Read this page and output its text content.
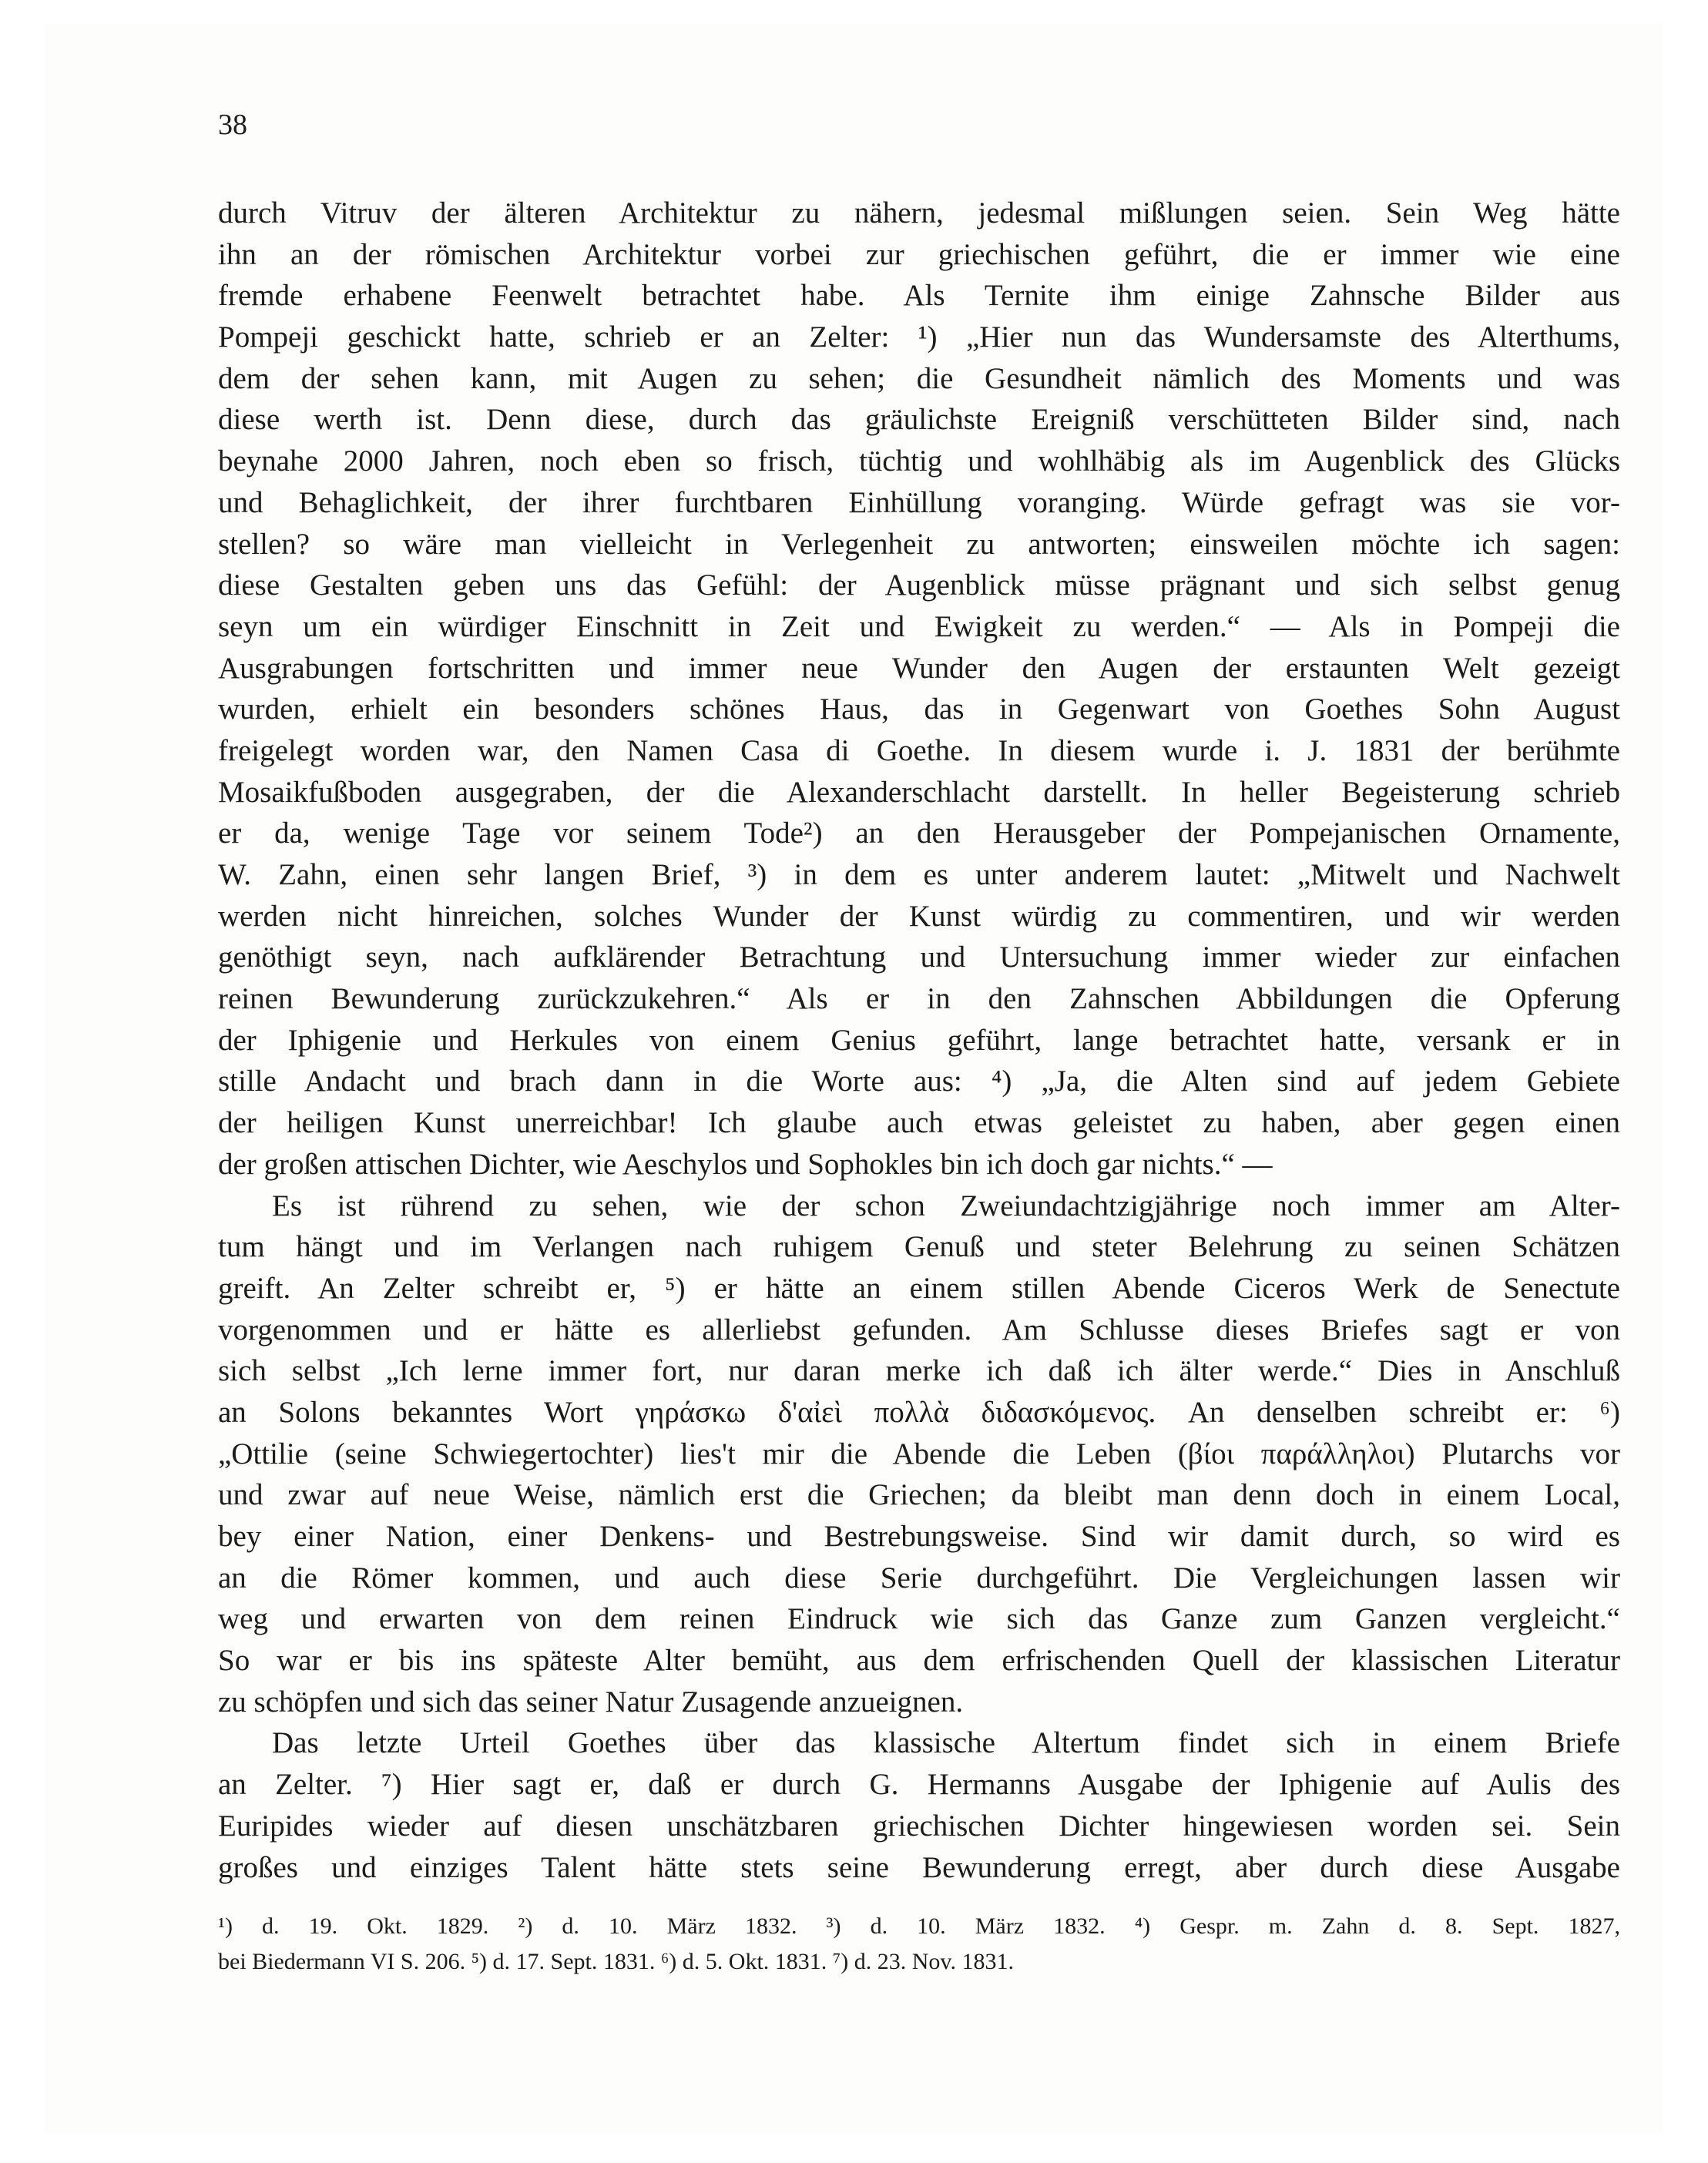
38
durch Vitruv der älteren Architektur zu nähern, jedesmal mißlungen seien. Sein Weg hätte
ihn an der römischen Architektur vorbei zur griechischen geführt, die er immer wie eine
fremde erhabene Feenwelt betrachtet habe. Als Ternite ihm einige Zahnsche Bilder aus
Pompeji geschickt hatte, schrieb er an Zelter: ¹) „Hier nun das Wundersamste des Alterthums,
dem der sehen kann, mit Augen zu sehen; die Gesundheit nämlich des Moments und was
diese werth ist. Denn diese, durch das gräulichste Ereigniß verschütteten Bilder sind, nach
beynahe 2000 Jahren, noch eben so frisch, tüchtig und wohlhäbig als im Augenblick des Glücks
und Behaglichkeit, der ihrer furchtbaren Einhüllung voranging. Würde gefragt was sie vor-
stellen? so wäre man vielleicht in Verlegenheit zu antworten; einsweilen möchte ich sagen:
diese Gestalten geben uns das Gefühl: der Augenblick müsse prägnant und sich selbst genug
seyn um ein würdiger Einschnitt in Zeit und Ewigkeit zu werden.“ — Als in Pompeji die
Ausgrabungen fortschritten und immer neue Wunder den Augen der erstaunten Welt gezeigt
wurden, erhielt ein besonders schönes Haus, das in Gegenwart von Goethes Sohn August
freigelegt worden war, den Namen Casa di Goethe. In diesem wurde i. J. 1831 der berühmte
Mosaikfußboden ausgegraben, der die Alexanderschlacht darstellt. In heller Begeisterung schrieb
er da, wenige Tage vor seinem Tode²) an den Herausgeber der Pompejanischen Ornamente,
W. Zahn, einen sehr langen Brief, ³) in dem es unter anderem lautet: „Mitwelt und Nachwelt
werden nicht hinreichen, solches Wunder der Kunst würdig zu commentiren, und wir werden
genöthigt seyn, nach aufklärender Betrachtung und Untersuchung immer wieder zur einfachen
reinen Bewunderung zurückzukehren.“ Als er in den Zahnschen Abbildungen die Opferung
der Iphigenie und Herkules von einem Genius geführt, lange betrachtet hatte, versank er in
stille Andacht und brach dann in die Worte aus: ⁴) „Ja, die Alten sind auf jedem Gebiete
der heiligen Kunst unerreichbar! Ich glaube auch etwas geleistet zu haben, aber gegen einen
der großen attischen Dichter, wie Aeschylos und Sophokles bin ich doch gar nichts.“ —
Es ist rührend zu sehen, wie der schon Zweiundachtzigjährige noch immer am Alter-
tum hängt und im Verlangen nach ruhigem Genuß und steter Belehrung zu seinen Schätzen
greift. An Zelter schreibt er, ⁵) er hätte an einem stillen Abende Ciceros Werk de Senectute
vorgenommen und er hätte es allerliebst gefunden. Am Schlusse dieses Briefes sagt er von
sich selbst „Ich lerne immer fort, nur daran merke ich daß ich älter werde.“ Dies in Anschluß
an Solons bekanntes Wort γηράσκω δ'αἰεὶ πολλὰ διδασκόμενος. An denselben schreibt er: ⁶)
„Ottilie (seine Schwiegertochter) lies't mir die Abende die Leben (βίοι παράλληλοι) Plutarchs vor
und zwar auf neue Weise, nämlich erst die Griechen; da bleibt man denn doch in einem Local,
bey einer Nation, einer Denkens- und Bestrebungsweise. Sind wir damit durch, so wird es
an die Römer kommen, und auch diese Serie durchgeführt. Die Vergleichungen lassen wir
weg und erwarten von dem reinen Eindruck wie sich das Ganze zum Ganzen vergleicht.“
So war er bis ins späteste Alter bemüht, aus dem erfrischenden Quell der klassischen Literatur
zu schöpfen und sich das seiner Natur Zusagende anzueignen.
Das letzte Urteil Goethes über das klassische Altertum findet sich in einem Briefe
an Zelter. ⁷) Hier sagt er, daß er durch G. Hermanns Ausgabe der Iphigenie auf Aulis des
Euripides wieder auf diesen unschätzbaren griechischen Dichter hingewiesen worden sei. Sein
großes und einziges Talent hätte stets seine Bewunderung erregt, aber durch diese Ausgabe
¹) d. 19. Okt. 1829. ²) d. 10. März 1832. ³) d. 10. März 1832. ⁴) Gespr. m. Zahn d. 8. Sept. 1827,
bei Biedermann VI S. 206. ⁵) d. 17. Sept. 1831. ⁶) d. 5. Okt. 1831. ⁷) d. 23. Nov. 1831.
